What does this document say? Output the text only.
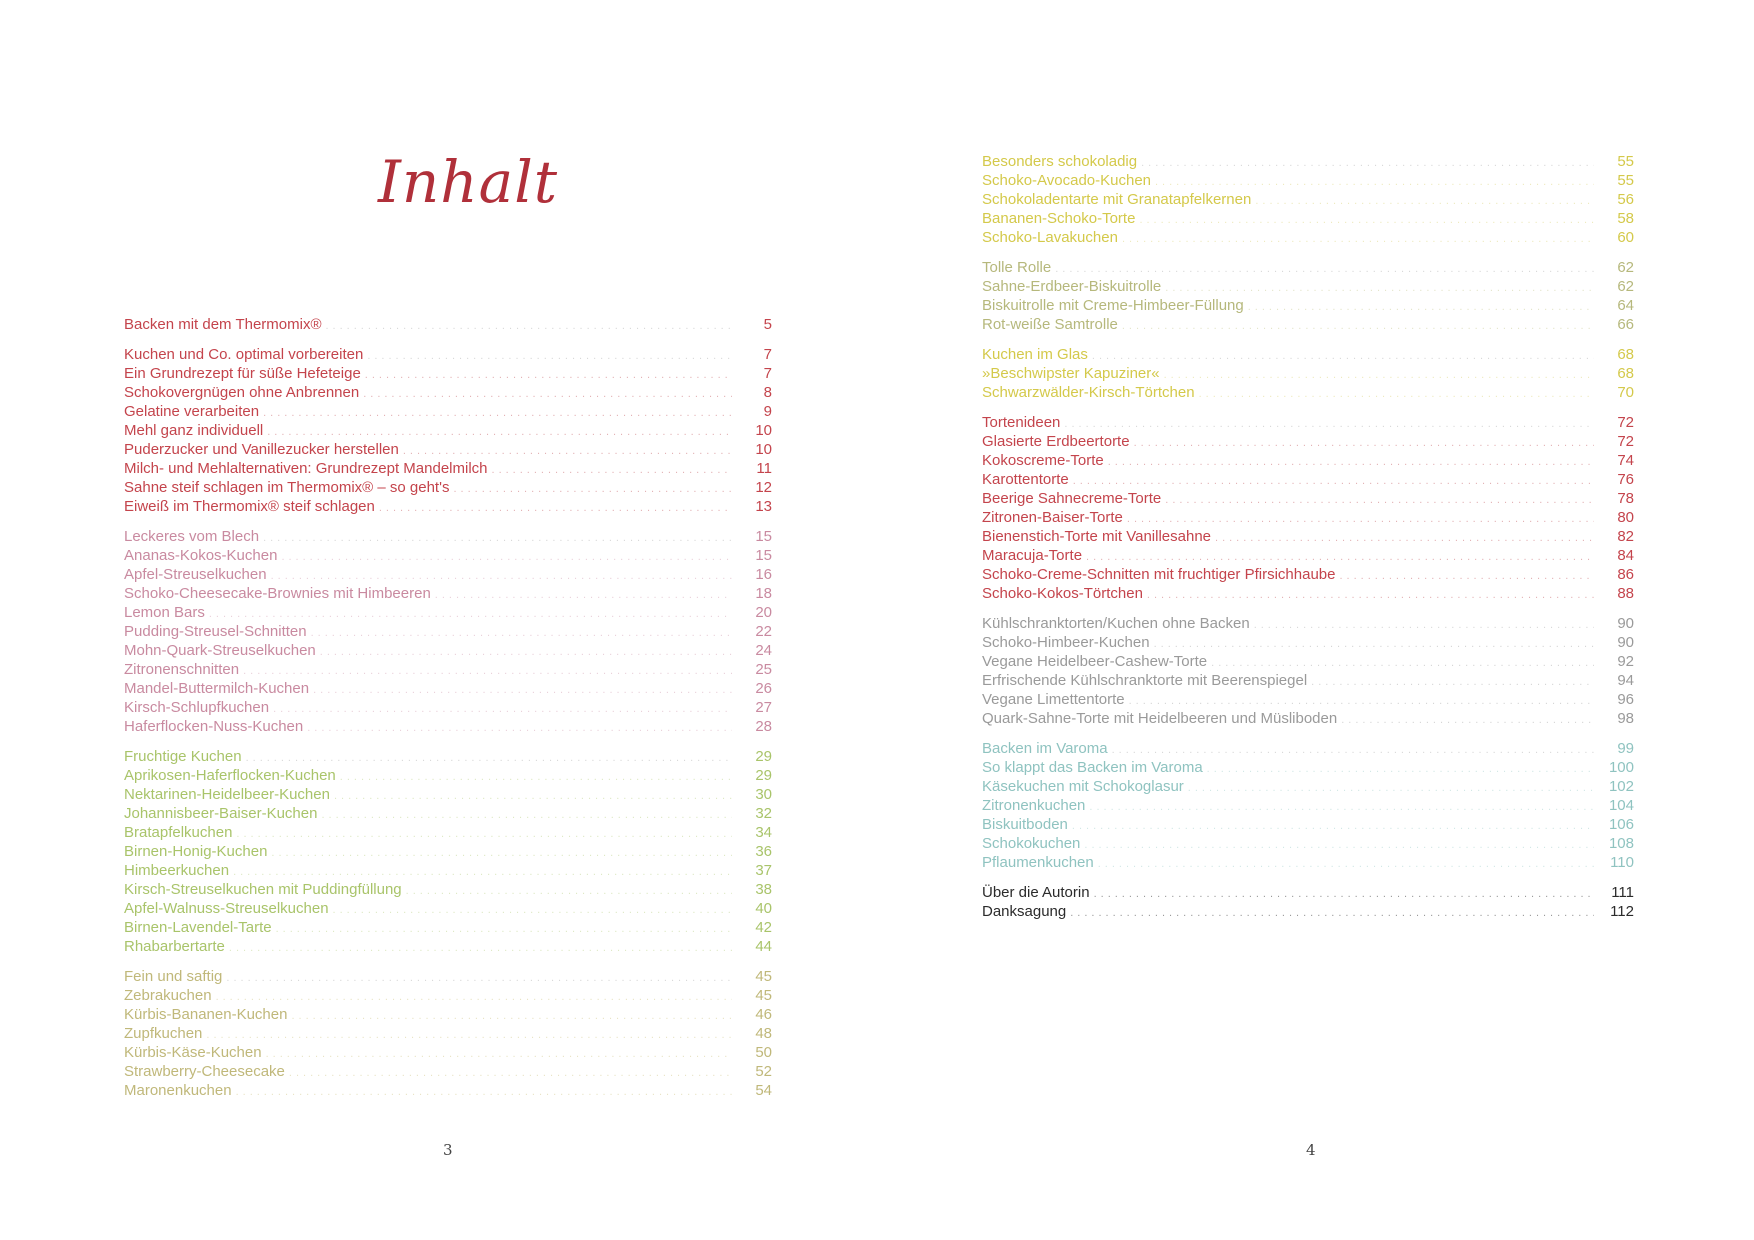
Inhalt
Backen mit dem Thermomix® .....	5
Kuchen und Co. optimal vorbereiten .....	7
Ein Grundrezept für süße Hefeteige .....	7
Schokovergnügen ohne Anbrennen .....	8
Gelatine verarbeiten .....	9
Mehl ganz individuell .....	10
Puderzucker und Vanillezucker herstellen .....	10
Milch- und Mehlalternativen: Grundrezept Mandelmilch .....	11
Sahne steif schlagen im Thermomix® – so geht's .....	12
Eiweiß im Thermomix® steif schlagen .....	13
Leckeres vom Blech .....	15
Ananas-Kokos-Kuchen .....	15
Apfel-Streuselkuchen .....	16
Schoko-Cheesecake-Brownies mit Himbeeren .....	18
Lemon Bars .....	20
Pudding-Streusel-Schnitten .....	22
Mohn-Quark-Streuselkuchen .....	24
Zitronenschnitten .....	25
Mandel-Buttermilch-Kuchen .....	26
Kirsch-Schlupfkuchen .....	27
Haferflocken-Nuss-Kuchen .....	28
Fruchtige Kuchen .....	29
Aprikosen-Haferflocken-Kuchen .....	29
Nektarinen-Heidelbeer-Kuchen .....	30
Johannisbeer-Baiser-Kuchen .....	32
Bratapfelkuchen .....	34
Birnen-Honig-Kuchen .....	36
Himbeerkuchen .....	37
Kirsch-Streuselkuchen mit Puddingfüllung .....	38
Apfel-Walnuss-Streuselkuchen .....	40
Birnen-Lavendel-Tarte .....	42
Rhabarbertarte .....	44
Fein und saftig .....	45
Zebrakuchen .....	45
Kürbis-Bananen-Kuchen .....	46
Zupfkuchen .....	48
Kürbis-Käse-Kuchen .....	50
Strawberry-Cheesecake .....	52
Maronenkuchen .....	54
3
Besonders schokoladig .....	55
Schoko-Avocado-Kuchen .....	55
Schokoladentarte mit Granatapfelkernen .....	56
Bananen-Schoko-Torte .....	58
Schoko-Lavakuchen .....	60
Tolle Rolle .....	62
Sahne-Erdbeer-Biskuitrolle .....	62
Biskuitrolle mit Creme-Himbeer-Füllung .....	64
Rot-weiße Samtrolle .....	66
Kuchen im Glas .....	68
»Beschwipster Kapuziner« .....	68
Schwarzwälder-Kirsch-Törtchen .....	70
Tortenideen .....	72
Glasierte Erdbeertorte .....	72
Kokoscreme-Torte .....	74
Karottentorte .....	76
Beerige Sahnecreme-Torte .....	78
Zitronen-Baiser-Torte .....	80
Bienenstich-Torte mit Vanillesahne .....	82
Maracuja-Torte .....	84
Schoko-Creme-Schnitten mit fruchtiger Pfirsichhaube .....	86
Schoko-Kokos-Törtchen .....	88
Kühlschranktorten/Kuchen ohne Backen .....	90
Schoko-Himbeer-Kuchen .....	90
Vegane Heidelbeer-Cashew-Torte .....	92
Erfrischende Kühlschranktorte mit Beerenspiegel .....	94
Vegane Limettentorte .....	96
Quark-Sahne-Torte mit Heidelbeeren und Müsliboden .....	98
Backen im Varoma .....	99
So klappt das Backen im Varoma .....	100
Käsekuchen mit Schokoglasur .....	102
Zitronenkuchen .....	104
Biskuitboden .....	106
Schokokuchen .....	108
Pflaumenkuchen .....	110
Über die Autorin .....	111
Danksagung .....	112
4
